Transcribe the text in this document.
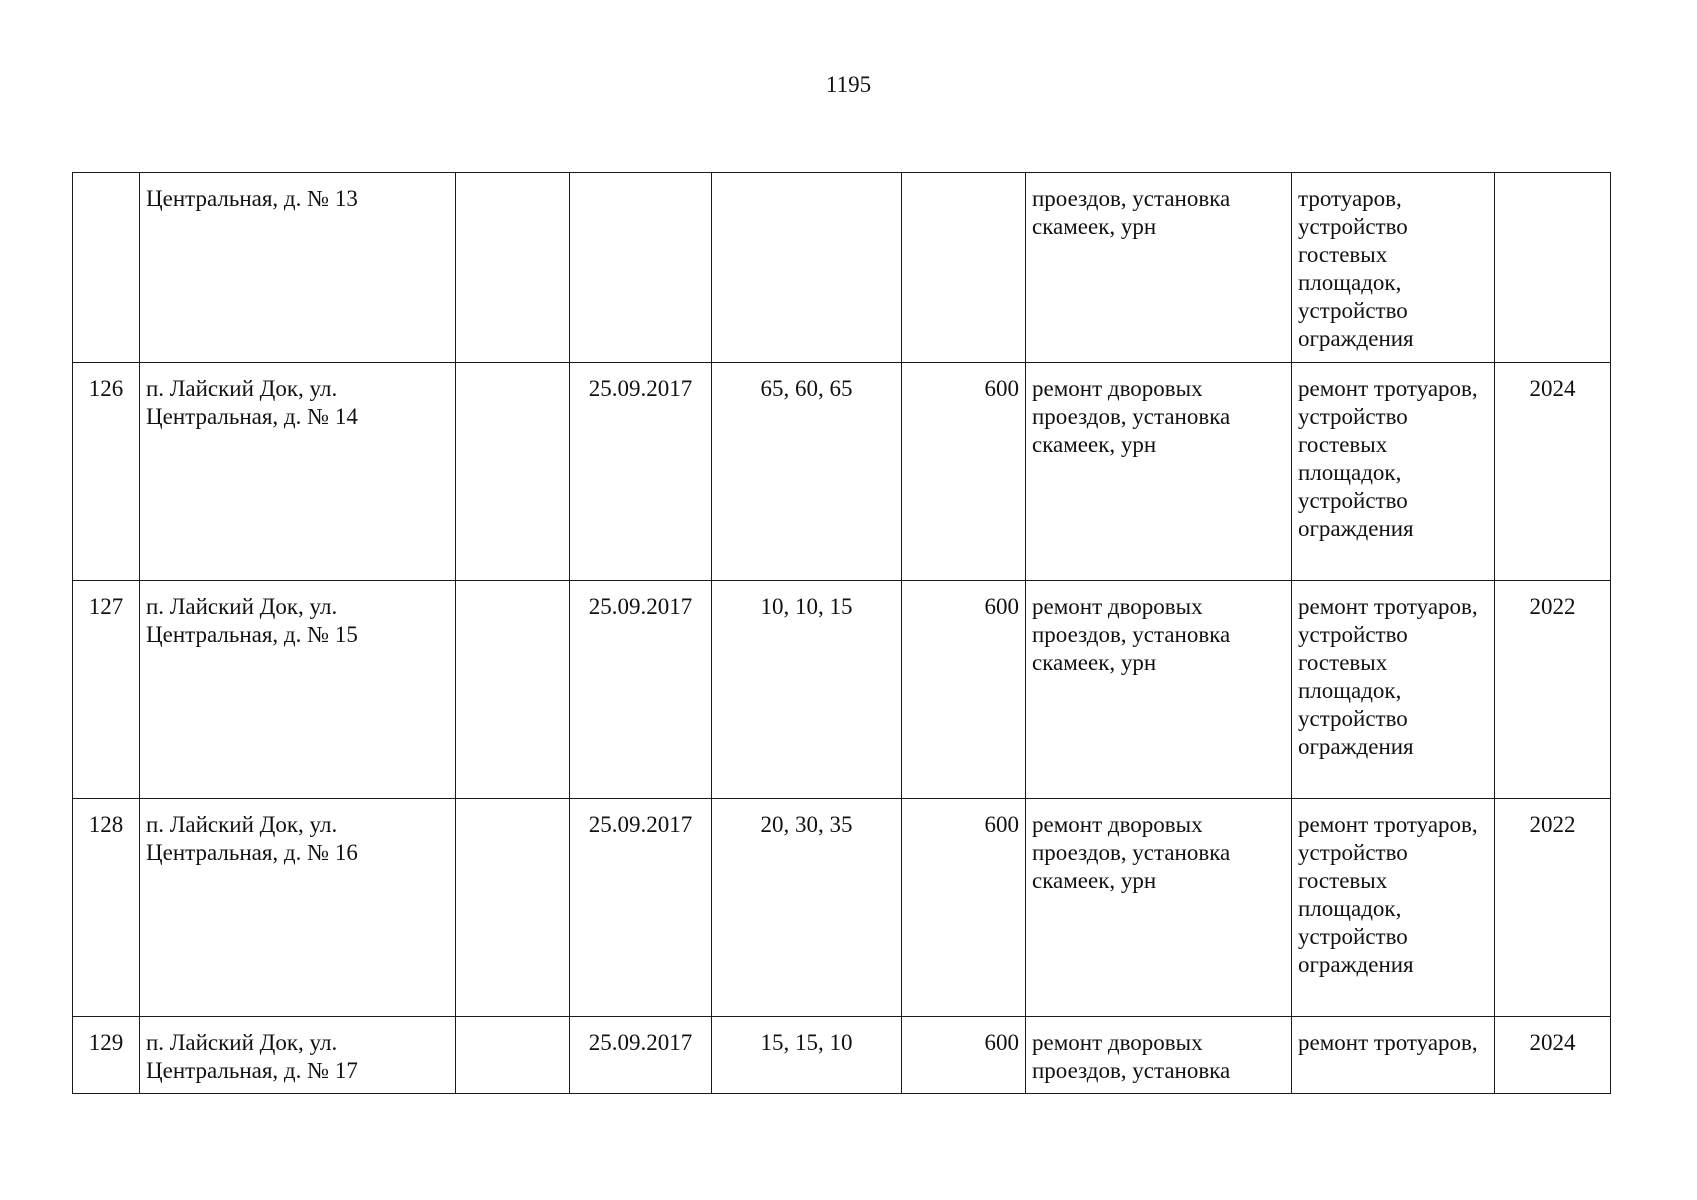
1195
	Центральная, д. № 13					проездов, установка скамеек, урн	тротуаров, устройство гостевых площадок, устройство ограждения	
126	п. Лайский Док, ул. Центральная, д. № 14		25.09.2017	65, 60, 65	600	ремонт дворовых проездов, установка скамеек, урн	ремонт тротуаров, устройство гостевых площадок, устройство ограждения	2024
127	п. Лайский Док, ул. Центральная, д. № 15		25.09.2017	10, 10, 15	600	ремонт дворовых проездов, установка скамеек, урн	ремонт тротуаров, устройство гостевых площадок, устройство ограждения	2022
128	п. Лайский Док, ул. Центральная, д. № 16		25.09.2017	20, 30, 35	600	ремонт дворовых проездов, установка скамеек, урн	ремонт тротуаров, устройство гостевых площадок, устройство ограждения	2022
129	п. Лайский Док, ул. Центральная, д. № 17		25.09.2017	15, 15, 10	600	ремонт дворовых проездов, установка	ремонт тротуаров,	2024
